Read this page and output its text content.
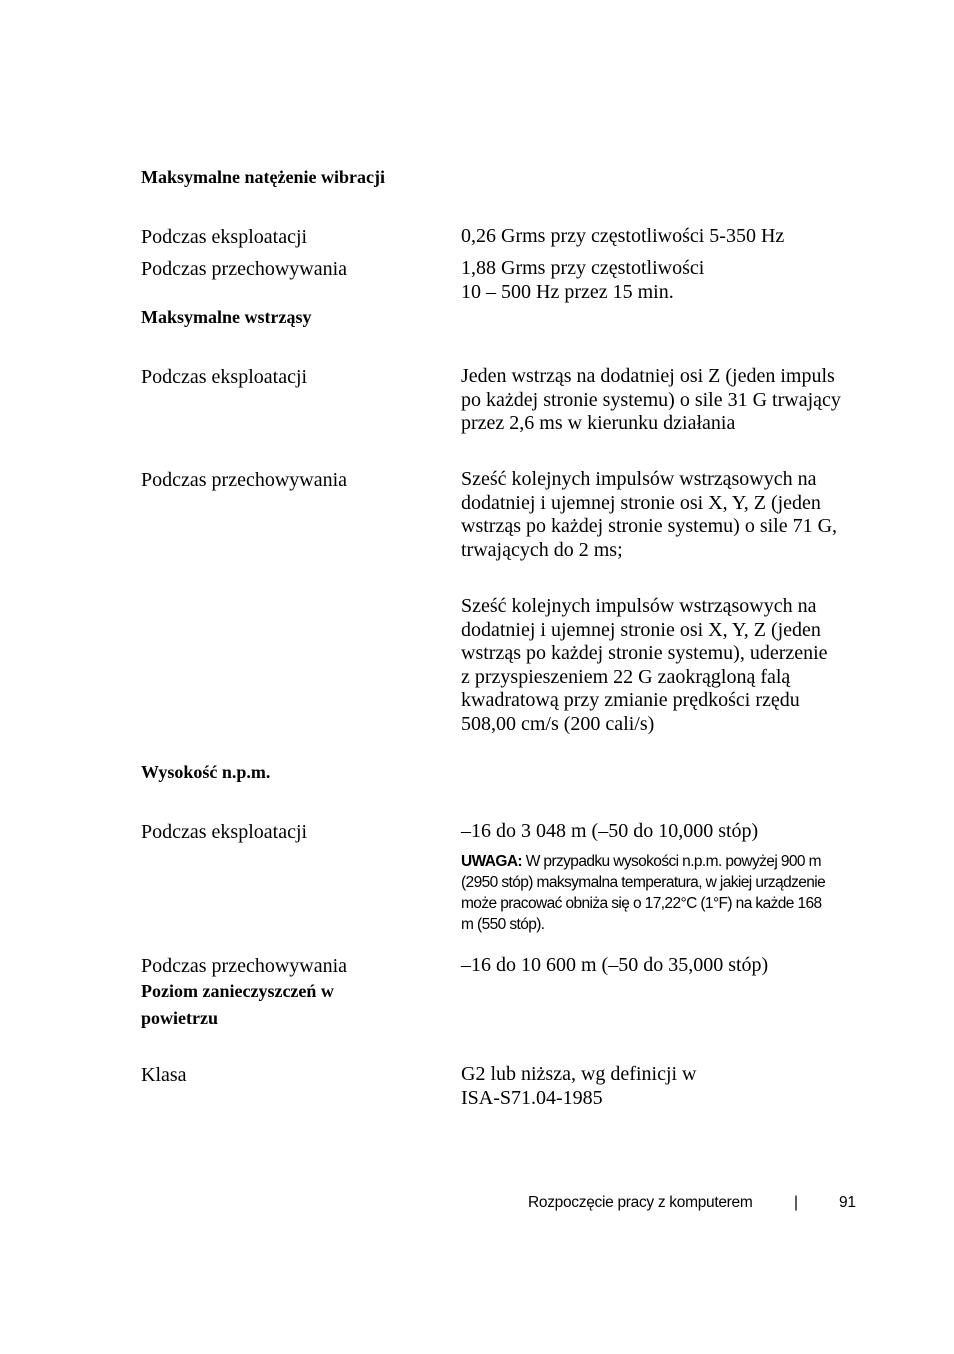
Maksymalne natężenie wibracji
Podczas eksploatacji	0,26 Grms przy częstotliwości 5-350 Hz
Podczas przechowywania	1,88 Grms przy częstotliwości
10 – 500 Hz przez 15 min.
Maksymalne wstrząsy
Podczas eksploatacji	Jeden wstrząs na dodatniej osi Z (jeden impuls po każdej stronie systemu) o sile 31 G trwający przez 2,6 ms w kierunku działania
Podczas przechowywania	Sześć kolejnych impulsów wstrząsowych na dodatniej i ujemnej stronie osi X, Y, Z (jeden wstrząs po każdej stronie systemu) o sile 71 G, trwających do 2 ms;
Sześć kolejnych impulsów wstrząsowych na dodatniej i ujemnej stronie osi X, Y, Z (jeden wstrząs po każdej stronie systemu), uderzenie z przyspieszeniem 22 G zaokrągloną falą kwadratową przy zmianie prędkości rzędu 508,00 cm/s (200 cali/s)
Wysokość n.p.m.
Podczas eksploatacji	–16 do 3 048 m (–50 do 10,000 stóp)
UWAGA: W przypadku wysokości n.p.m. powyżej 900 m (2950 stóp) maksymalna temperatura, w jakiej urządzenie może pracować obniża się o 17,22°C (1°F) na każde 168 m (550 stóp).
Podczas przechowywania	–16 do 10 600 m (–50 do 35,000 stóp)
Poziom zanieczyszczeń w
powietrzu
Klasa	G2 lub niższa, wg definicji w
ISA-S71.04-1985
Rozpoczęcie pracy z komputerem	|	91
